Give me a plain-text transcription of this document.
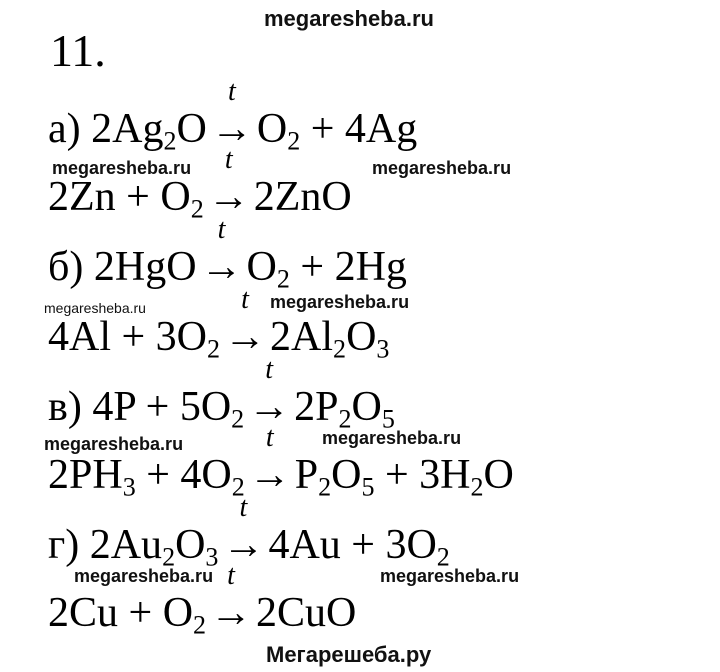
megaresheba.ru

11.

а) $2Ag_2O$
t
$\to O_2 + 4Ag$

$2Zn + O_2$
t
→2ZnO

б) 2HgO
t
$\to O_2 + 2Hg$

$4Al + 3O_2$
t
$\to 2Al_2O_3$

в) $4P + 5O_2$
t
$\to 2P_2O_5$

$2PH_3 + 4O_2$
t
$\to P_2O_5 + 3H_2O$

г) $2Au_2O_3$
t
$\to 4Au + 3O_2$

$2Cu + O_2$
t
→2CuO

megaresheba.ru	megaresheba.ru

megaresheba.ru	megaresheba.ru

megaresheba.ru	megaresheba.ru

megaresheba.ru	megaresheba.ru

Мегарешеба.ру
